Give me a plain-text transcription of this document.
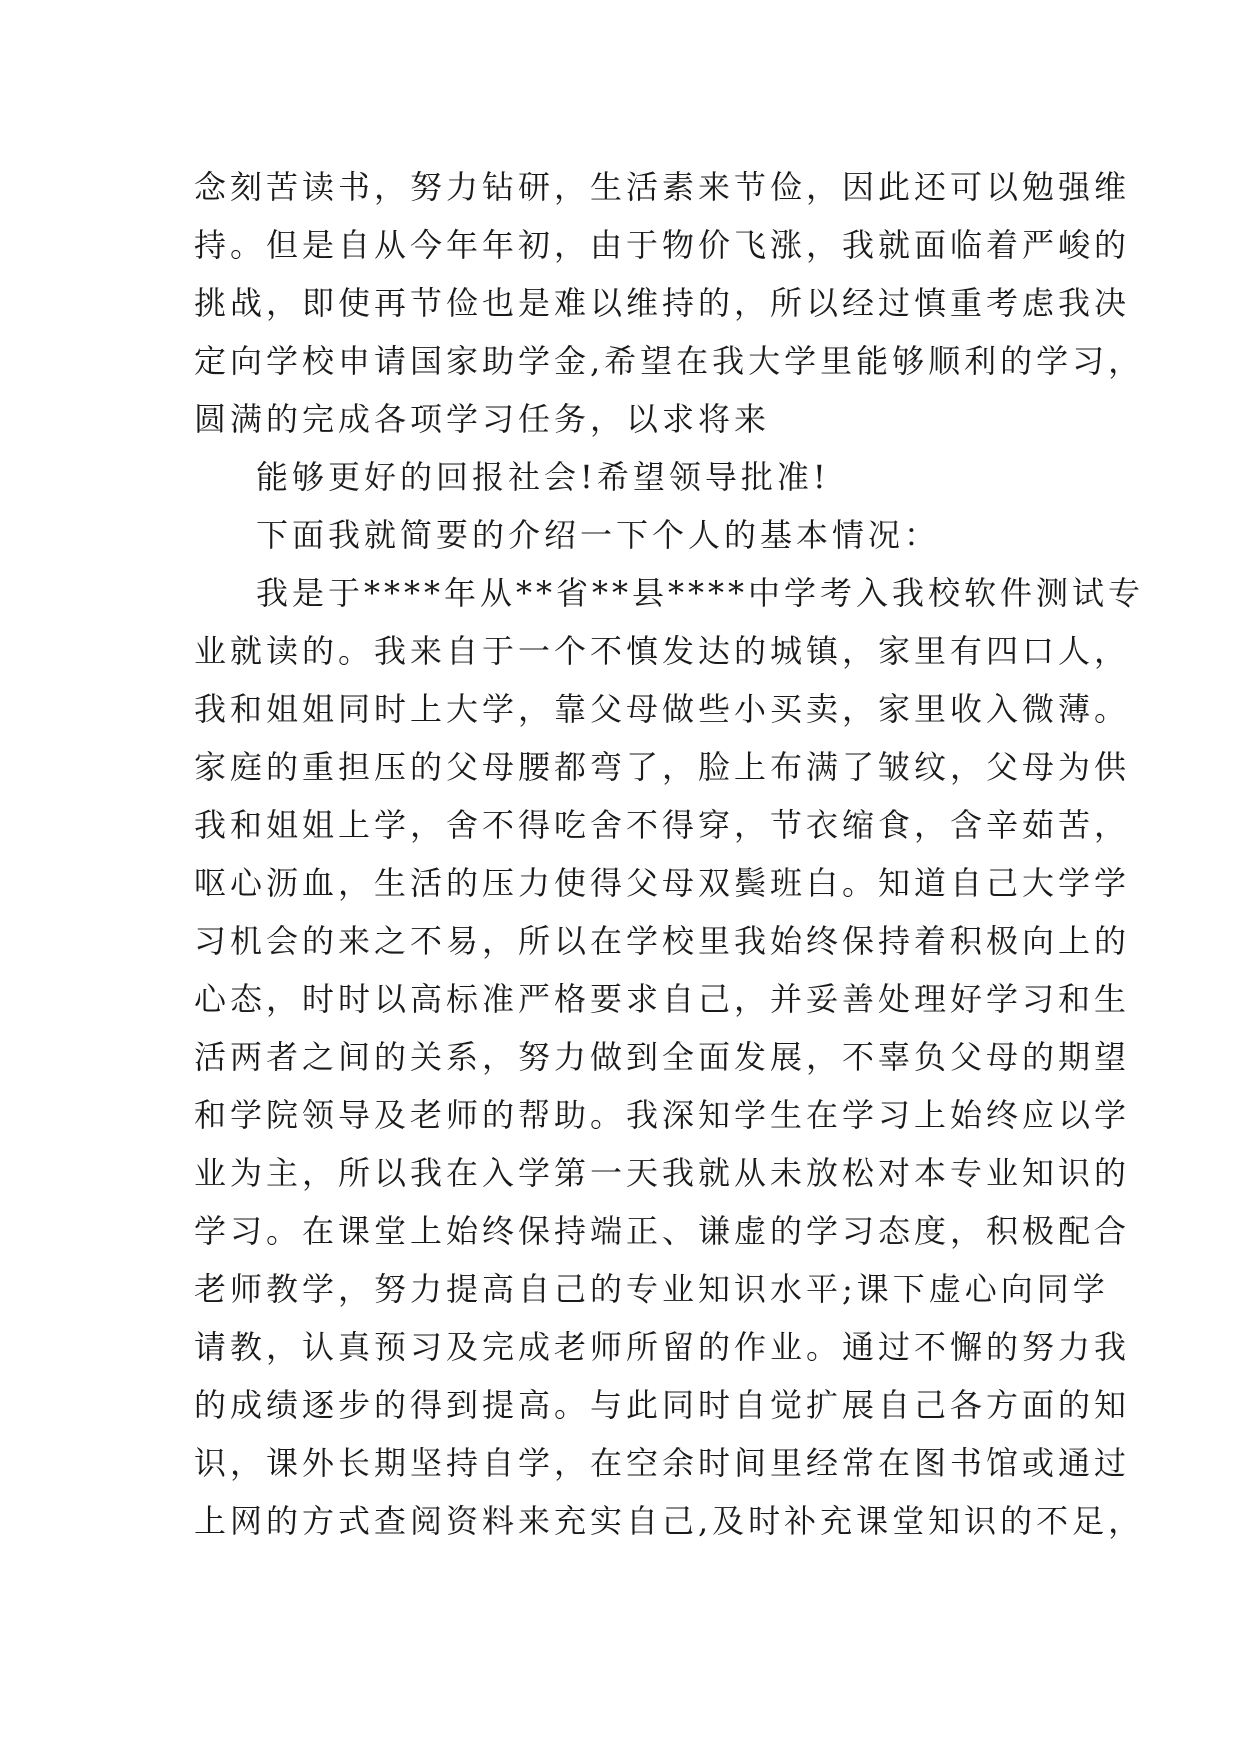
念刻苦读书，努力钻研，生活素来节俭，因此还可以勉强维
持。但是自从今年年初，由于物价飞涨，我就面临着严峻的
挑战，即使再节俭也是难以维持的，所以经过慎重考虑我决
定向学校申请国家助学金,希望在我大学里能够顺利的学习，
圆满的完成各项学习任务，以求将来
能够更好的回报社会!希望领导批准!
下面我就简要的介绍一下个人的基本情况：
我是于****年从**省**县****中学考入我校软件测试专
业就读的。我来自于一个不慎发达的城镇，家里有四口人，
我和姐姐同时上大学，靠父母做些小买卖，家里收入微薄。
家庭的重担压的父母腰都弯了，脸上布满了皱纹，父母为供
我和姐姐上学，舍不得吃舍不得穿，节衣缩食，含辛茹苦，
呕心沥血，生活的压力使得父母双鬓班白。知道自己大学学
习机会的来之不易，所以在学校里我始终保持着积极向上的
心态，时时以高标准严格要求自己，并妥善处理好学习和生
活两者之间的关系，努力做到全面发展，不辜负父母的期望
和学院领导及老师的帮助。我深知学生在学习上始终应以学
业为主，所以我在入学第一天我就从未放松对本专业知识的
学习。在课堂上始终保持端正、谦虚的学习态度，积极配合
老师教学，努力提高自己的专业知识水平;课下虚心向同学
请教，认真预习及完成老师所留的作业。通过不懈的努力我
的成绩逐步的得到提高。与此同时自觉扩展自己各方面的知
识，课外长期坚持自学，在空余时间里经常在图书馆或通过
上网的方式查阅资料来充实自己,及时补充课堂知识的不足，
